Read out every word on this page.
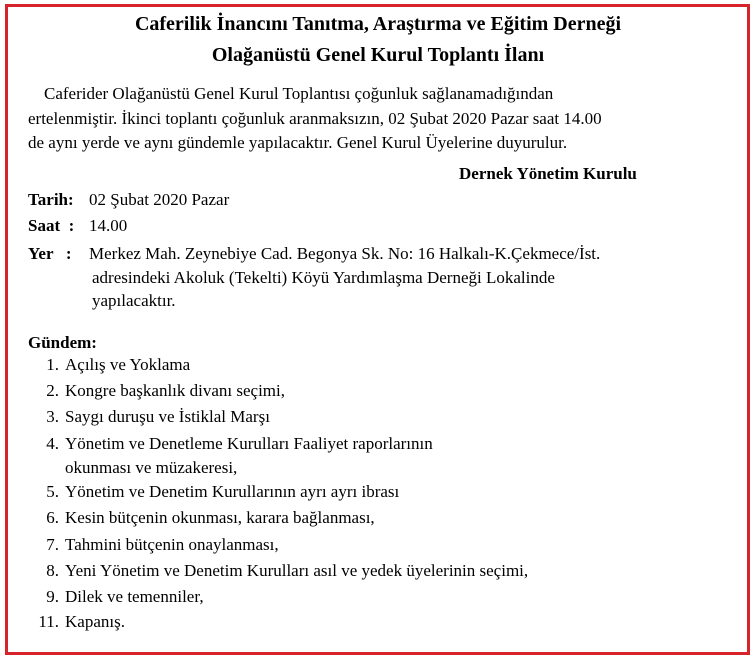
Caferilik İnancını Tanıtma, Araştırma ve Eğitim Derneği
Olağanüstü Genel Kurul Toplantı İlanı
Caferider Olağanüstü Genel Kurul Toplantısı çoğunluk sağlanamadığından
ertelenmiştir. İkinci toplantı çoğunluk aranmaksızın, 02 Şubat 2020 Pazar saat 14.00
de aynı yerde ve aynı gündemle yapılacaktır. Genel Kurul Üyelerine duyurulur.
Dernek Yönetim Kurulu
Tarih: 02 Şubat 2020 Pazar
Saat  : 14.00
Yer   : Merkez Mah. Zeynebiye Cad. Begonya Sk. No: 16 Halkalı-K.Çekmece/İst.
adresindeki Akoluk (Tekelti) Köyü Yardımlaşma Derneği Lokalinde
yapılacaktır.
Gündem:
1. Açılış ve Yoklama
2. Kongre başkanlık divanı seçimi,
3. Saygı duruşu ve İstiklal Marşı
4. Yönetim ve Denetleme Kurulları Faaliyet raporlarının
okunması ve müzakeresi,
5. Yönetim ve Denetim Kurullarının ayrı ayrı ibrası
6. Kesin bütçenin okunması, karara bağlanması,
7. Tahmini bütçenin onaylanması,
8. Yeni Yönetim ve Denetim Kurulları asıl ve yedek üyelerinin seçimi,
9. Dilek ve temenniler,
11. Kapanış.
